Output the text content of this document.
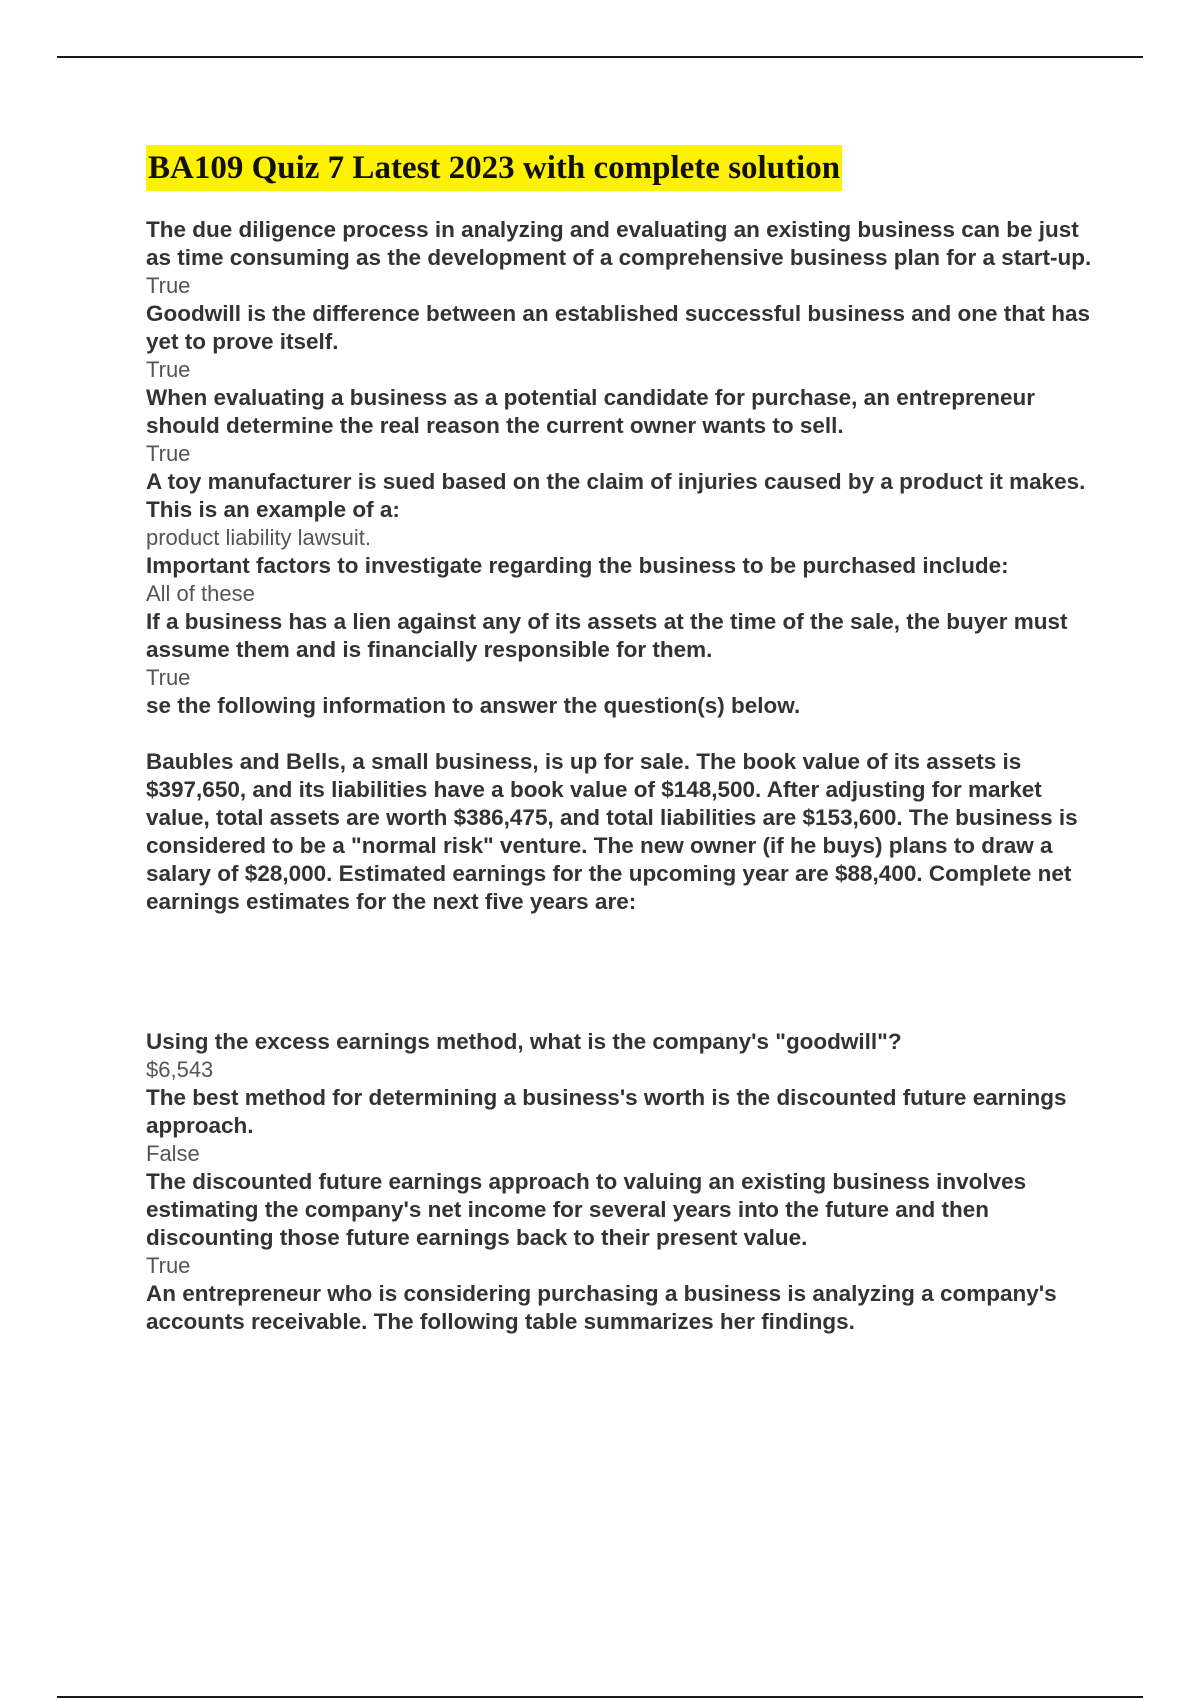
BA109 Quiz 7 Latest 2023 with complete solution

The due diligence process in analyzing and evaluating an existing business can be just as time consuming as the development of a comprehensive business plan for a start-up.

True

Goodwill is the difference between an established successful business and one that has yet to prove itself.

True

When evaluating a business as a potential candidate for purchase, an entrepreneur should determine the real reason the current owner wants to sell.

True

A toy manufacturer is sued based on the claim of injuries caused by a product it makes. This is an example of a:

product liability lawsuit.

Important factors to investigate regarding the business to be purchased include:

All of these

If a business has a lien against any of its assets at the time of the sale, the buyer must assume them and is financially responsible for them.

True

se the following information to answer the question(s) below.

Baubles and Bells, a small business, is up for sale. The book value of its assets is $397,650, and its liabilities have a book value of $148,500. After adjusting for market value, total assets are worth $386,475, and total liabilities are $153,600. The business is considered to be a "normal risk" venture. The new owner (if he buys) plans to draw a salary of $28,000. Estimated earnings for the upcoming year are $88,400. Complete net earnings estimates for the next five years are:

Using the excess earnings method, what is the company's "goodwill"?

$6,543

The best method for determining a business's worth is the discounted future earnings approach.

False

The discounted future earnings approach to valuing an existing business involves estimating the company's net income for several years into the future and then discounting those future earnings back to their present value.

True

An entrepreneur who is considering purchasing a business is analyzing a company's accounts receivable. The following table summarizes her findings.
